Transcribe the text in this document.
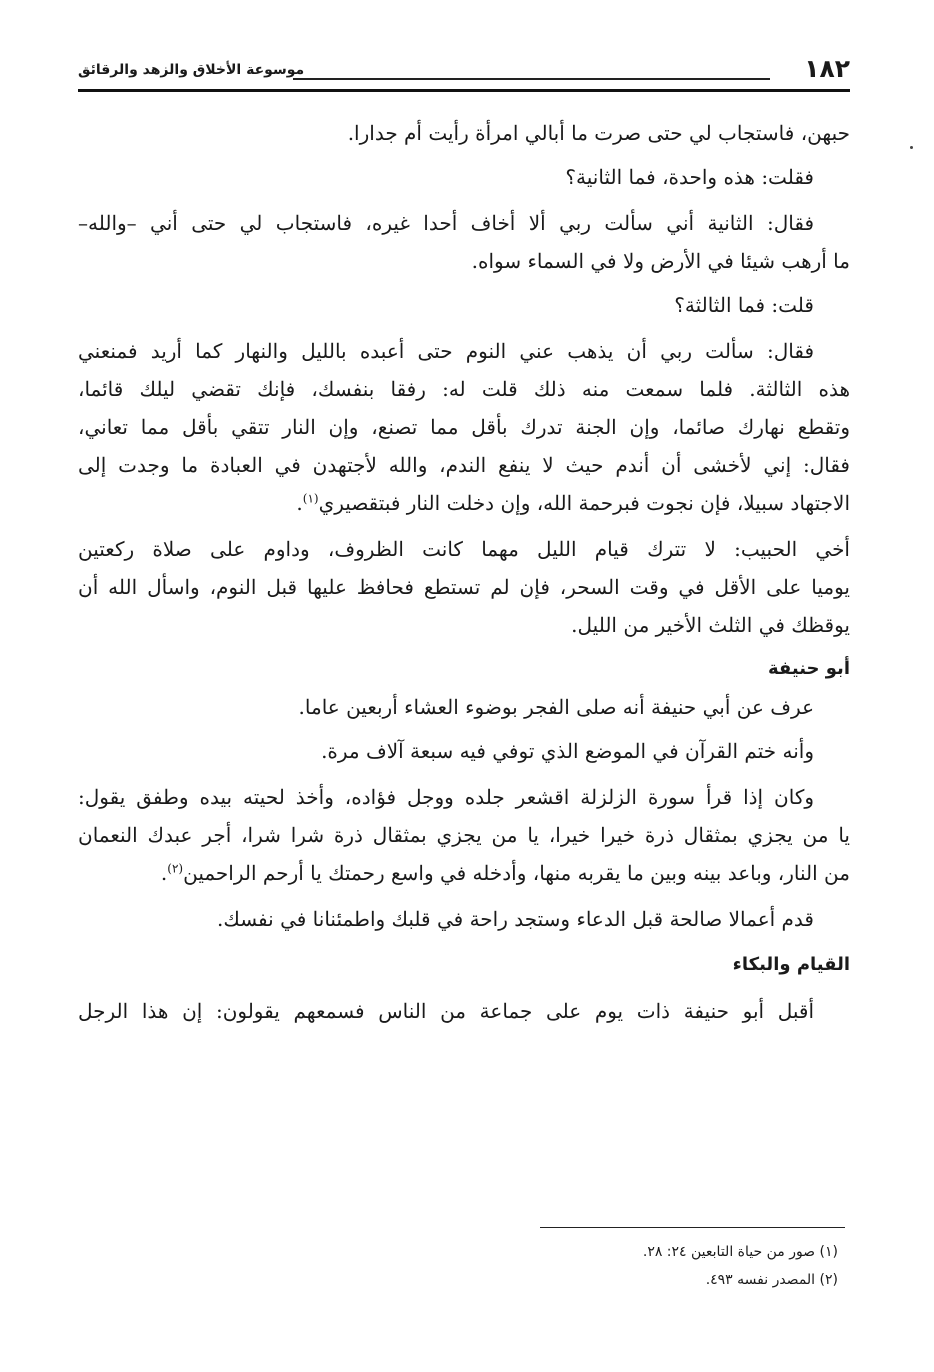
١٨٢
موسوعة الأخلاق والزهد والرقائق
حبهن، فاستجاب لي حتى صرت ما أبالي امرأة رأيت أم جدارا.
فقلت: هذه واحدة، فما الثانية؟
فقال: الثانية أني سألت ربي ألا أخاف أحدا غيره، فاستجاب لي حتى أني –والله–
ما أرهب شيئا في الأرض ولا في السماء سواه.
قلت: فما الثالثة؟
فقال: سألت ربي أن يذهب عني النوم حتى أعبده بالليل والنهار كما أريد فمنعني
هذه الثالثة. فلما سمعت منه ذلك قلت له: رفقا بنفسك، فإنك تقضي ليلك قائما،
وتقطع نهارك صائما، وإن الجنة تدرك بأقل مما تصنع، وإن النار تتقي بأقل مما تعاني،
فقال: إني لأخشى أن أندم حيث لا ينفع الندم، والله لأجتهدن في العبادة ما وجدت إلى
الاجتهاد سبيلا، فإن نجوت فبرحمة الله، وإن دخلت النار فبتقصيري$^{(١)}$.
أخي الحبيب: لا تترك قيام الليل مهما كانت الظروف، وداوم على صلاة ركعتين
يوميا على الأقل في وقت السحر، فإن لم تستطع فحافظ عليها قبل النوم، واسأل الله أن
يوقظك في الثلث الأخير من الليل.
أبو حنيفة
عرف عن أبي حنيفة أنه صلى الفجر بوضوء العشاء أربعين عاما.
وأنه ختم القرآن في الموضع الذي توفي فيه سبعة آلاف مرة.
وكان إذا قرأ سورة الزلزلة اقشعر جلده ووجل فؤاده، وأخذ لحيته بيده وطفق يقول:
يا من يجزي بمثقال ذرة خيرا خيرا، يا من يجزي بمثقال ذرة شرا شرا، أجر عبدك النعمان
من النار، وباعد بينه وبين ما يقربه منها، وأدخله في واسع رحمتك يا أرحم الراحمين$^{(٢)}$.
قدم أعمالا صالحة قبل الدعاء وستجد راحة في قلبك واطمئنانا في نفسك.
القيام والبكاء
أقبل أبو حنيفة ذات يوم على جماعة من الناس فسمعهم يقولون: إن هذا الرجل
(١) صور من حياة التابعين ٢٤: ٢٨.
(٢) المصدر نفسه ٤٩٣.
